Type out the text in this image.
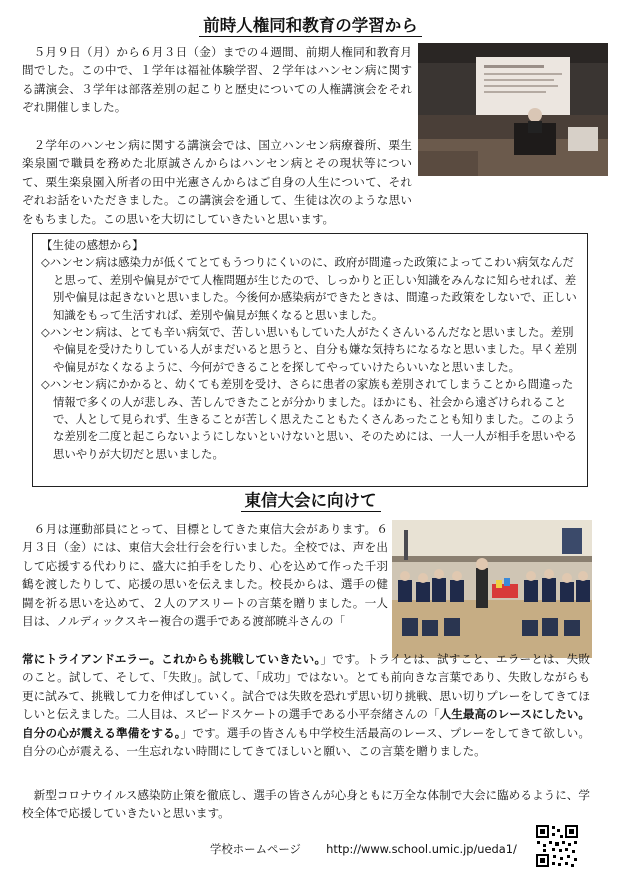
前時人権同和教育の学習から
５月９日（月）から６月３日（金）までの４週間、前期人権同和教育月間でした。この中で、１学年は福祉体験学習、２学年はハンセン病に関する講演会、３学年は部落差別の起こりと歴史についての人権講演会をそれぞれ開催しました。
２学年のハンセン病に関する講演会では、国立ハンセン病療養所、栗生楽泉園で職員を務めた北原誠さんからはハンセン病とその現状等について、栗生楽泉園入所者の田中光憲さんからはご自身の人生について、それぞれお話をいただきました。この講演会を通して、生徒は次のような思いをもちました。この思いを大切にしていきたいと思います。
【生徒の感想から】
◇ハンセン病は感染力が低くてとてもうつりにくいのに、政府が間違った政策によってこわい病気なんだと思って、差別や偏見がでて人権問題が生じたので、しっかりと正しい知識をみんなに知らせれば、差別や偏見は起きないと思いました。今後何か感染病ができたときは、間違った政策をしないで、正しい知識をもって生活すれば、差別や偏見が無くなると思いました。
◇ハンセン病は、とても辛い病気で、苦しい思いもしていた人がたくさんいるんだなと思いました。差別や偏見を受けたりしている人がまだいると思うと、自分も嫌な気持ちになるなと思いました。早く差別や偏見がなくなるように、今何ができることを探してやっていけたらいいなと思いました。
◇ハンセン病にかかると、幼くても差別を受け、さらに患者の家族も差別されてしまうことから間違った情報で多くの人が悲しみ、苦しんできたことが分かりました。ほかにも、社会から遠ざけられることで、人として見られず、生きることが苦しく思えたこともたくさんあったことも知りました。このような差別を二度と起こらないようにしないといけないと思い、そのためには、一人一人が相手を思いやる思いやりが大切だと思いました。
東信大会に向けて
６月は運動部員にとって、目標としてきた東信大会があります。６月３日（金）には、東信大会壮行会を行いました。全校では、声を出して応援する代わりに、盛大に拍手をしたり、心を込めて作った千羽鶴を渡したりして、応援の思いを伝えました。校長からは、選手の健闘を祈る思いを込めて、２人のアスリートの言葉を贈りました。一人目は、ノルディックスキー複合の選手である渡部暁斗さんの「
常にトライアンドエラー。これからも挑戦していきたい。」です。トライとは、試すこと、エラーとは、失敗のこと。試して、そして、「失敗」。試して、「成功」ではない。とても前向きな言葉であり、失敗しながらも更に試みて、挑戦して力を伸ばしていく。試合では失敗を恐れず思い切り挑戦、思い切りプレーをしてきてほしいと伝えました。二人目は、スピードスケートの選手である小平奈緒さんの「人生最高のレースにしたい。自分の心が震える準備をする。」です。選手の皆さんも中学校生活最高のレース、プレーをしてきて欲しい。自分の心が震える、一生忘れない時間にしてきてほしいと願い、この言葉を贈りました。
新型コロナウイルス感染防止策を徹底し、選手の皆さんが心身ともに万全な体制で大会に臨めるように、学校全体で応援していきたいと思います。
学校ホームページ http://www.school.umic.jp/ueda1/
